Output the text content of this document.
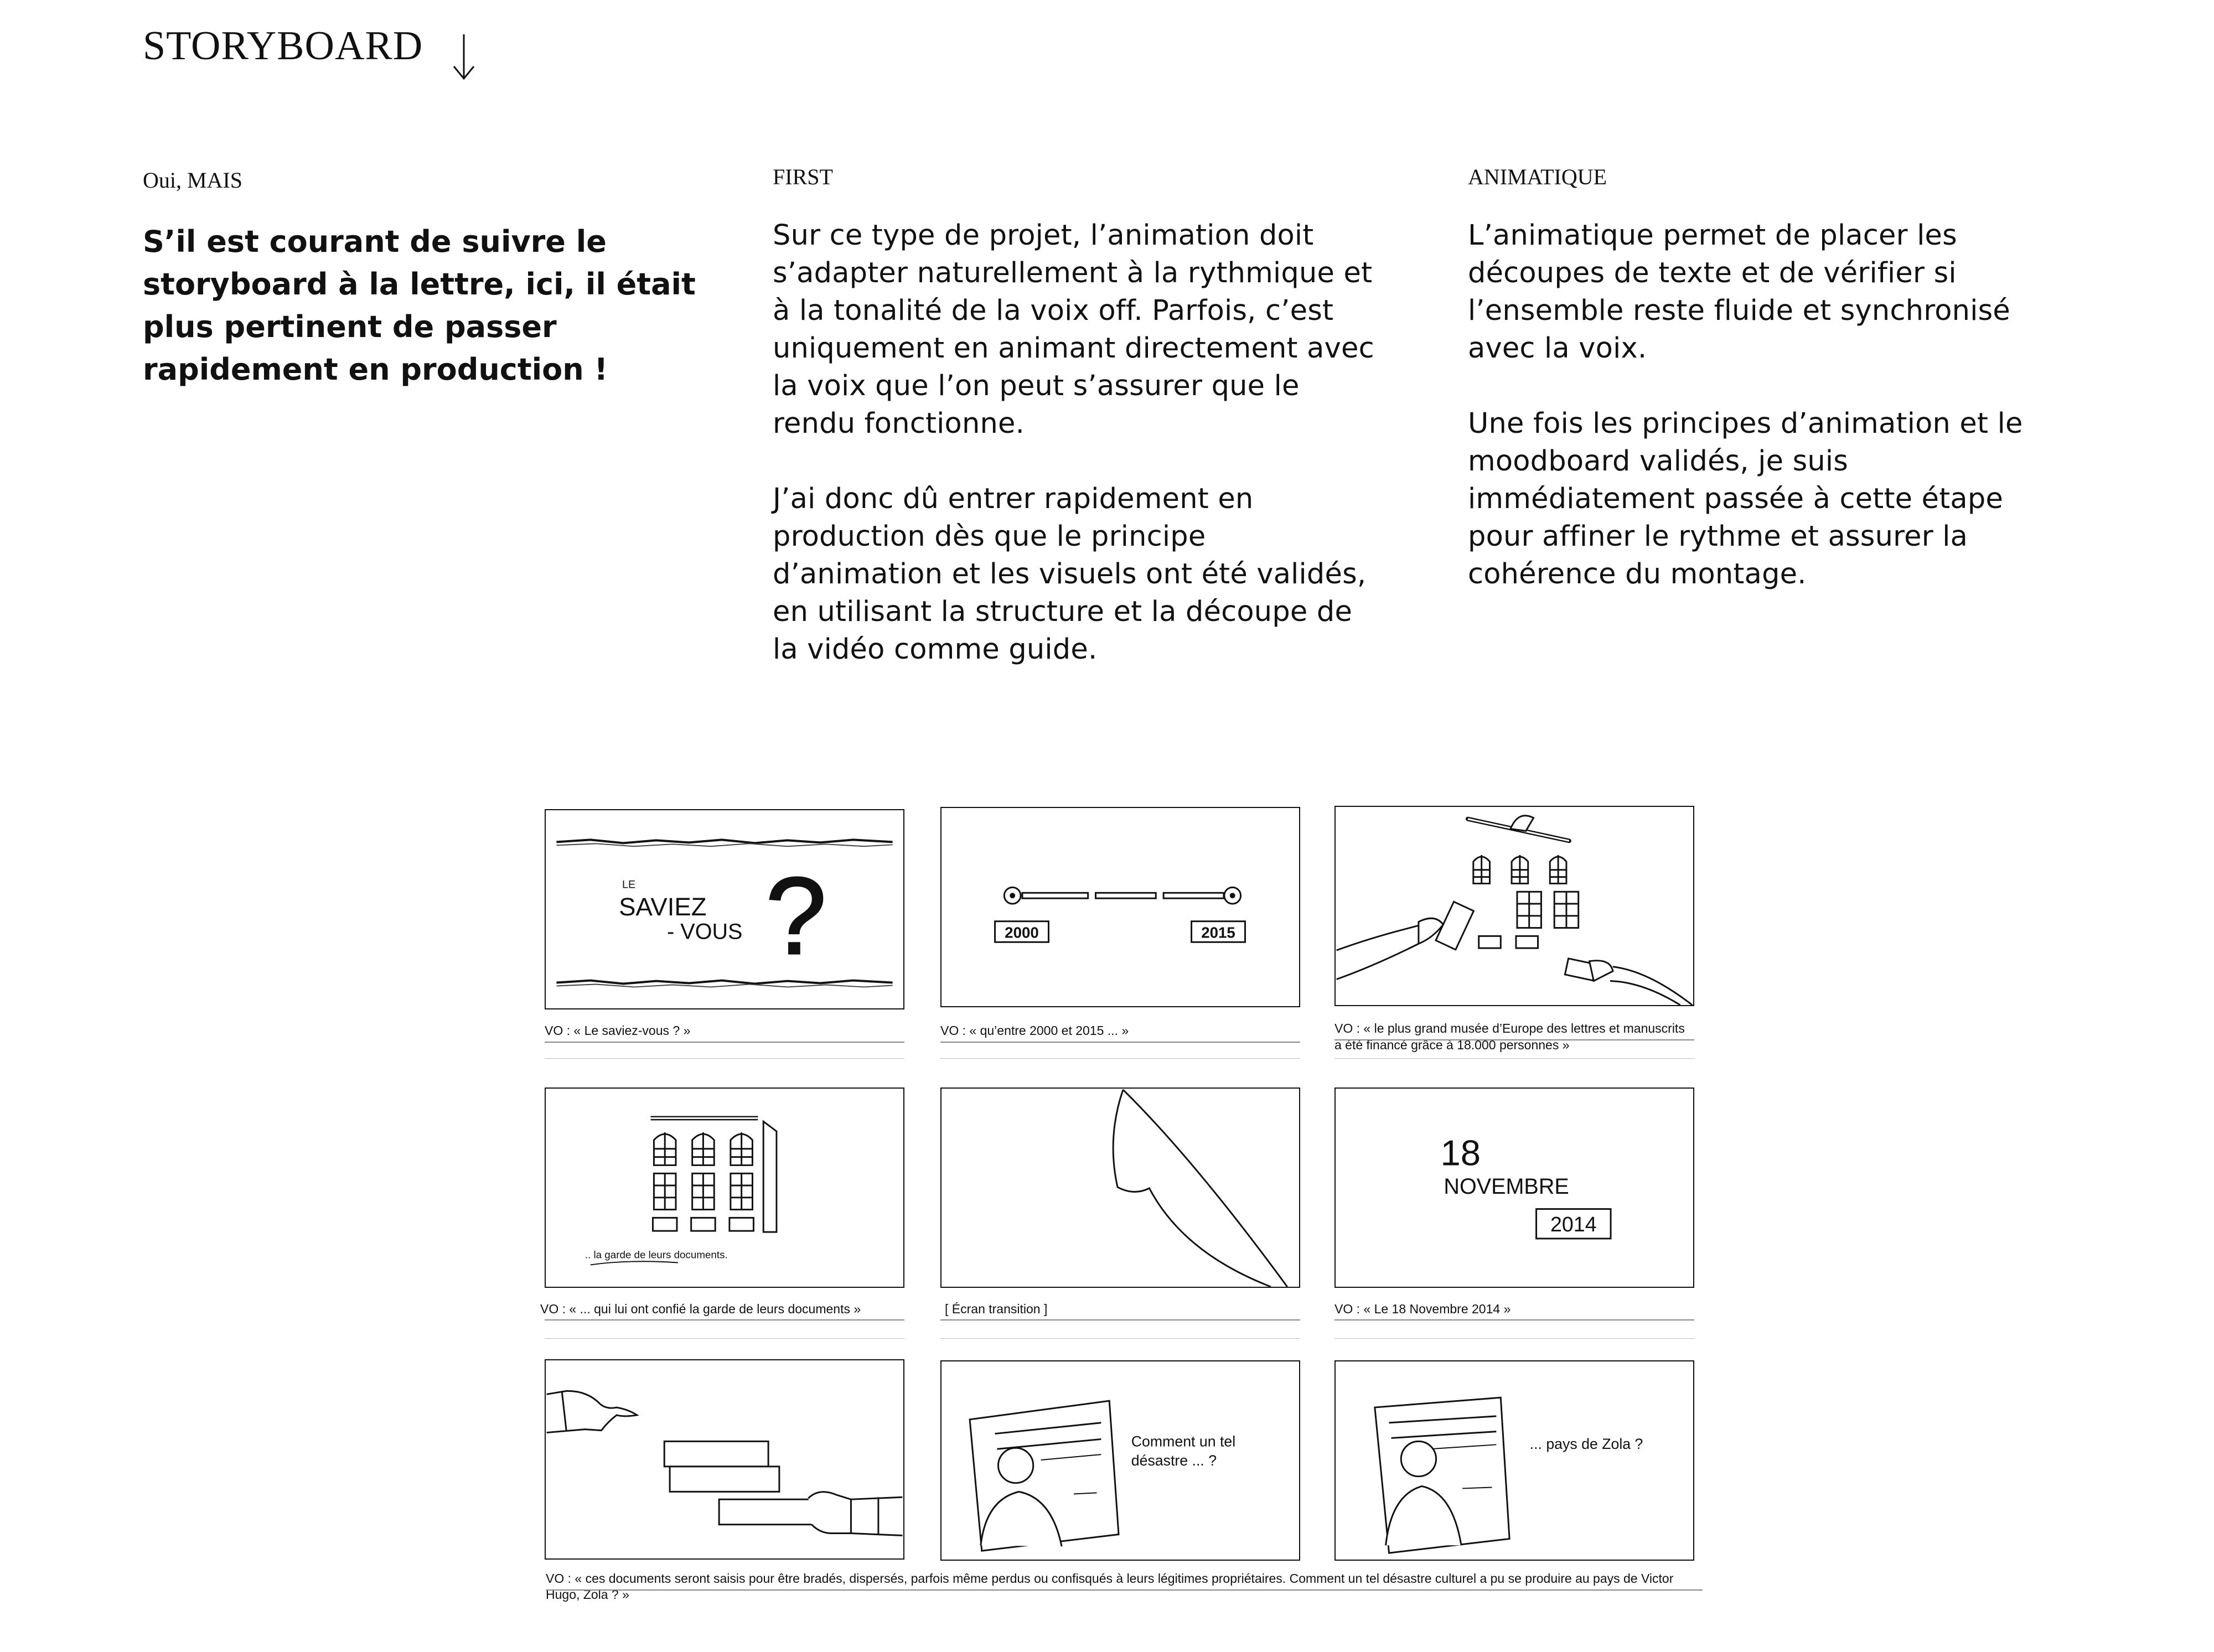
STORYBOARD

Oui, MAIS

S’il est courant de suivre le storyboard à la lettre, ici, il était plus pertinent de passer rapidement en production !

FIRST

Sur ce type de projet, l’animation doit s’adapter naturellement à la rythmique et à la tonalité de la voix off. Parfois, c’est uniquement en animant directement avec la voix que l’on peut s’assurer que le rendu fonctionne.

J’ai donc dû entrer rapidement en production dès que le principe d’animation et les visuels ont été validés, en utilisant la structure et la découpe de la vidéo comme guide.

ANIMATIQUE

L’animatique permet de placer les découpes de texte et de vérifier si l’ensemble reste fluide et synchronisé avec la voix.

Une fois les principes d’animation et le moodboard validés, je suis immédiatement passée à cette étape pour affiner le rythme et assurer la cohérence du montage.

LE
SAVIEZ
- VOUS ?
VO : « Le saviez-vous ? »
2000	2015
VO : « qu’entre 2000 et 2015 ... »	VO : « le plus grand musée d’Europe des lettres et manuscrits a été financé grâce à 18.000 personnes »
.. la garde de leurs documents.
VO : « ... qui lui ont confié la garde de leurs documents »	[ Écran transition ]
18
NOVEMBRE
2014
VO : « Le 18 Novembre 2014 »
Comment un tel
désastre ... ?
... pays de Zola ?
VO : « ces documents seront saisis pour être bradés, dispersés, parfois même perdus ou confisqués à leurs légitimes propriétaires. Comment un tel désastre culturel a pu se produire au pays de Victor Hugo, Zola ? »
